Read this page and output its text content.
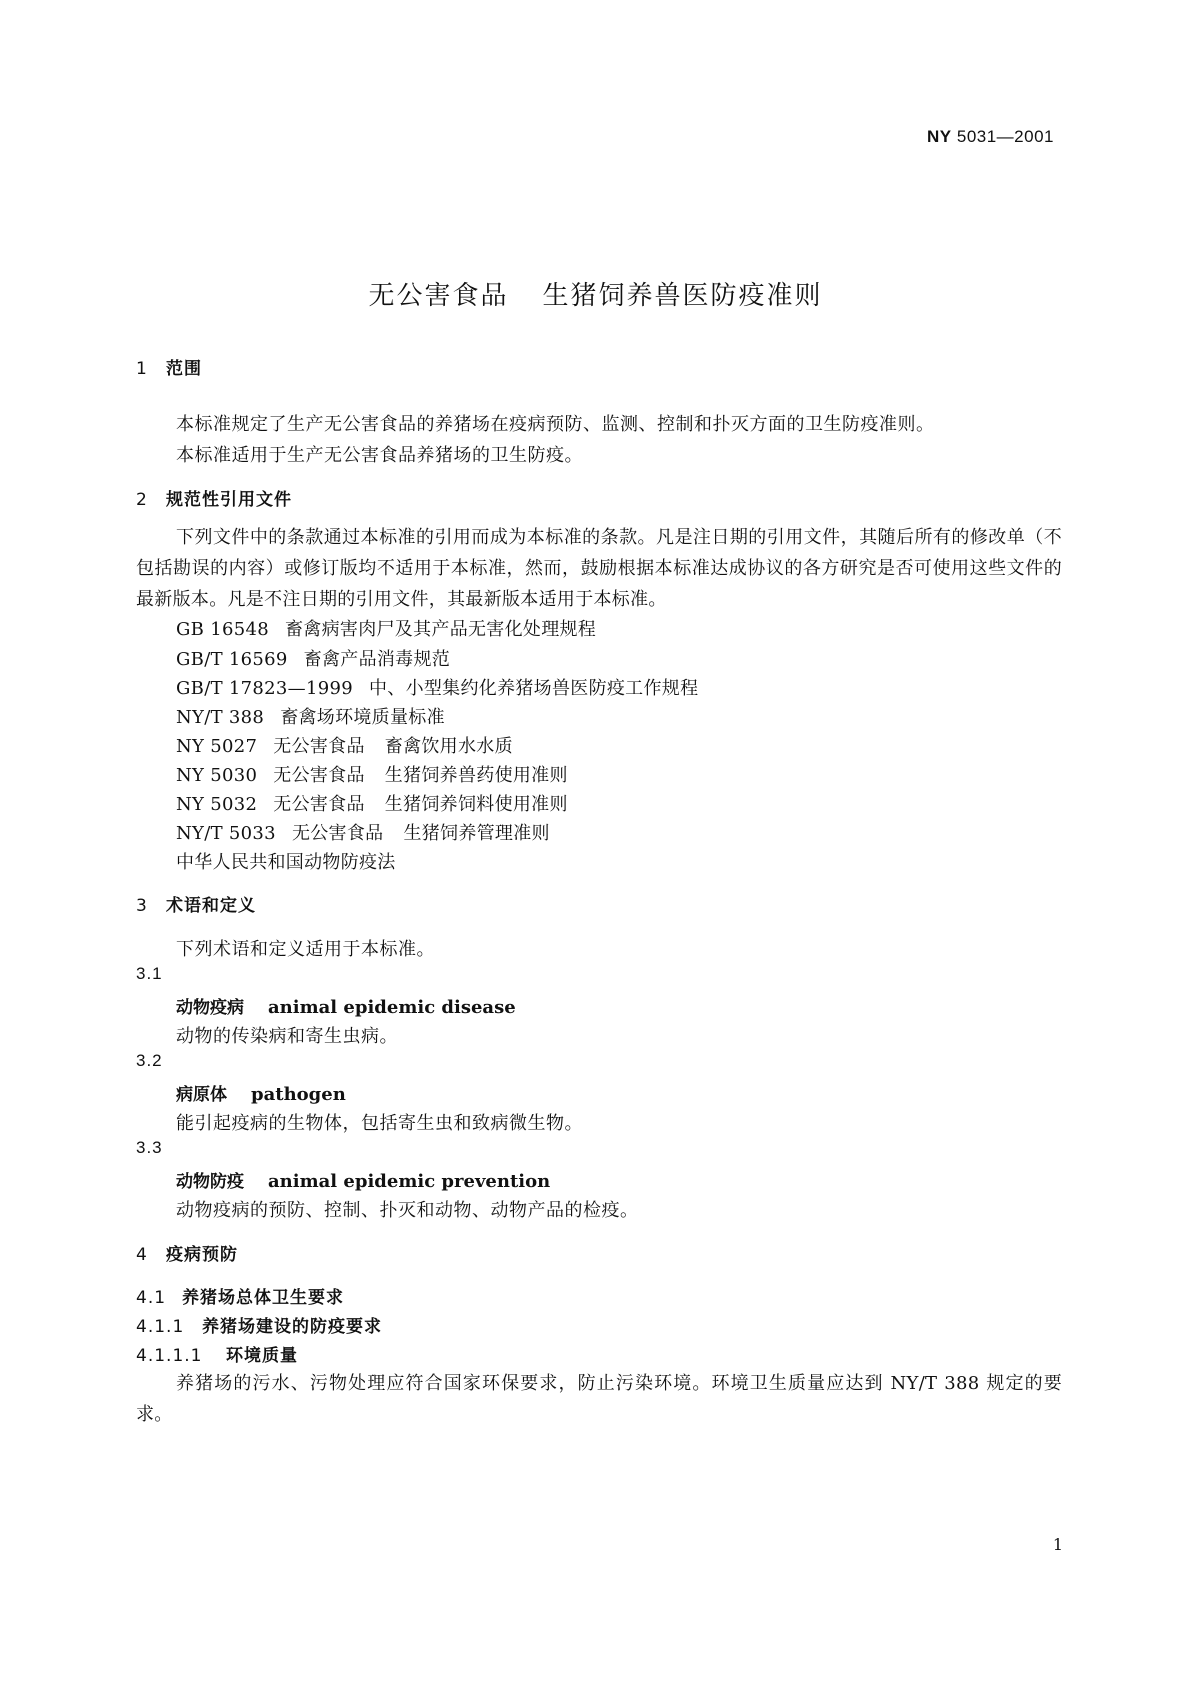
NY 5031—2001
无公害食品 生猪饲养兽医防疫准则
1 范围
本标准规定了生产无公害食品的养猪场在疫病预防、监测、控制和扑灭方面的卫生防疫准则。
本标准适用于生产无公害食品养猪场的卫生防疫。
2 规范性引用文件
下列文件中的条款通过本标准的引用而成为本标准的条款。凡是注日期的引用文件，其随后所有的修改单（不包括勘误的内容）或修订版均不适用于本标准，然而，鼓励根据本标准达成协议的各方研究是否可使用这些文件的最新版本。凡是不注日期的引用文件，其最新版本适用于本标准。
GB 16548 畜禽病害肉尸及其产品无害化处理规程
GB/T 16569 畜禽产品消毒规范
GB/T 17823—1999 中、小型集约化养猪场兽医防疫工作规程
NY/T 388 畜禽场环境质量标准
NY 5027 无公害食品 畜禽饮用水水质
NY 5030 无公害食品 生猪饲养兽药使用准则
NY 5032 无公害食品 生猪饲养饲料使用准则
NY/T 5033 无公害食品 生猪饲养管理准则
中华人民共和国动物防疫法
3 术语和定义
下列术语和定义适用于本标准。
3.1
动物疫病 animal epidemic disease
动物的传染病和寄生虫病。
3.2
病原体 pathogen
能引起疫病的生物体，包括寄生虫和致病微生物。
3.3
动物防疫 animal epidemic prevention
动物疫病的预防、控制、扑灭和动物、动物产品的检疫。
4 疫病预防
4.1 养猪场总体卫生要求
4.1.1 养猪场建设的防疫要求
4.1.1.1 环境质量
养猪场的污水、污物处理应符合国家环保要求，防止污染环境。环境卫生质量应达到 NY/T 388 规定的要求。
1
